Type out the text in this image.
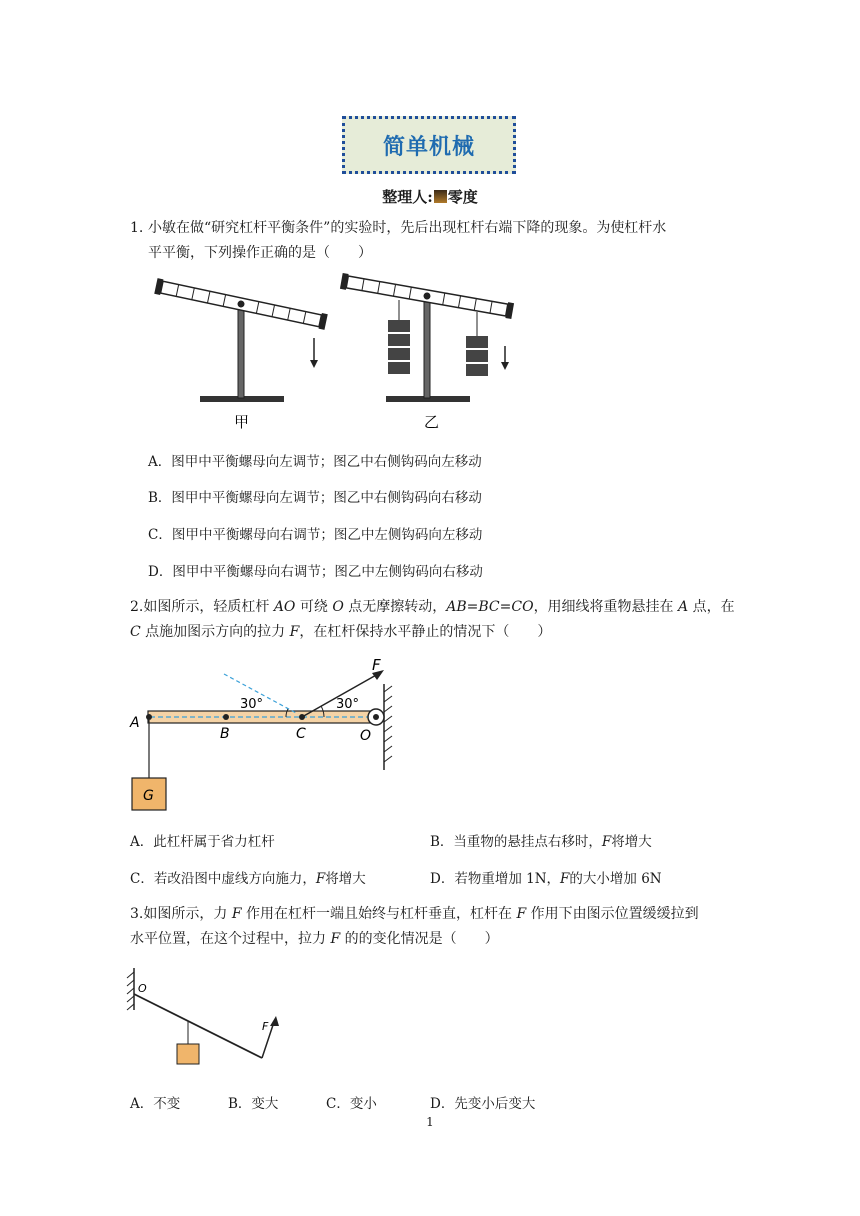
简单机械
整理人: 零度
1. 小敏在做“研究杠杆平衡条件”的实验时，先后出现杠杆右端下降的现象。为使杠杆水
平平衡，下列操作正确的是（　　）
甲	乙
A．图甲中平衡螺母向左调节；图乙中右侧钩码向左移动
B．图甲中平衡螺母向左调节；图乙中右侧钩码向右移动
C．图甲中平衡螺母向右调节；图乙中左侧钩码向左移动
D．图甲中平衡螺母向右调节；图乙中左侧钩码向右移动
2.如图所示，轻质杠杆 AO 可绕 O 点无摩擦转动，AB=BC=CO，用细线将重物悬挂在 A 点，在
C 点施加图示方向的拉力 F，在杠杆保持水平静止的情况下（　　）
F
A
B	C	O
G
30°	30°
A．此杠杆属于省力杠杆	B．当重物的悬挂点右移时，F将增大
C．若改沿图中虚线方向施力，F将增大	D．若物重增加 1N，F的大小增加 6N
3.如图所示，力 F 作用在杠杆一端且始终与杠杆垂直，杠杆在 F 作用下由图示位置缓缓拉到
水平位置，在这个过程中，拉力 F 的的变化情况是（　　）
O
F
A．不变	B．变大	C．变小	D．先变小后变大
1
